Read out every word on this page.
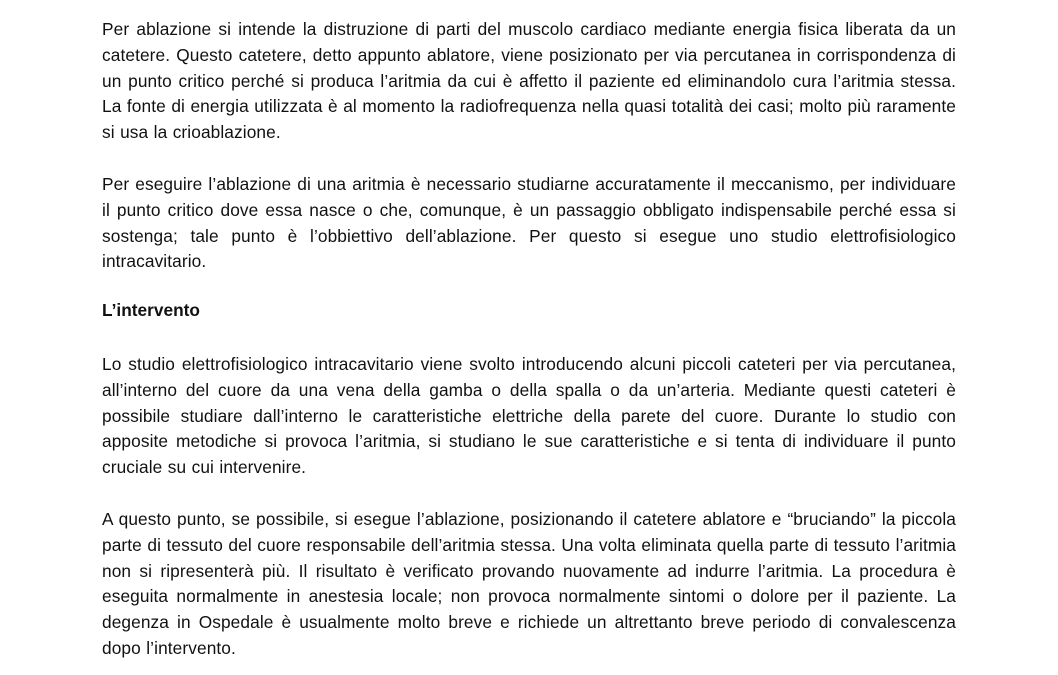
Per ablazione si intende la distruzione di parti del muscolo cardiaco mediante energia fisica liberata da un catetere. Questo catetere, detto appunto ablatore, viene posizionato per via percutanea in corrispondenza di un punto critico perché si produca l’aritmia da cui è affetto il paziente ed eliminandolo cura l’aritmia stessa. La fonte di energia utilizzata è al momento la radiofrequenza nella quasi totalità dei casi; molto più raramente si usa la crioablazione.

Per eseguire l’ablazione di una aritmia è necessario studiarne accuratamente il meccanismo, per individuare il punto critico dove essa nasce o che, comunque, è un passaggio obbligato indispensabile perché essa si sostenga; tale punto è l’obbiettivo dell’ablazione. Per questo si esegue uno studio elettrofisiologico intracavitario.

L’intervento

Lo studio elettrofisiologico intracavitario viene svolto introducendo alcuni piccoli cateteri per via percutanea, all’interno del cuore da una vena della gamba o della spalla o da un’arteria. Mediante questi cateteri è possibile studiare dall’interno le caratteristiche elettriche della parete del cuore. Durante lo studio con apposite metodiche si provoca l’aritmia, si studiano le sue caratteristiche e si tenta di individuare il punto cruciale su cui intervenire.

A questo punto, se possibile, si esegue l’ablazione, posizionando il catetere ablatore e “bruciando” la piccola parte di tessuto del cuore responsabile dell’aritmia stessa. Una volta eliminata quella parte di tessuto l’aritmia non si ripresenterà più. Il risultato è verificato provando nuovamente ad indurre l’aritmia. La procedura è eseguita normalmente in anestesia locale; non provoca normalmente sintomi o dolore per il paziente. La degenza in Ospedale è usualmente molto breve e richiede un altrettanto breve periodo di convalescenza dopo l’intervento.
